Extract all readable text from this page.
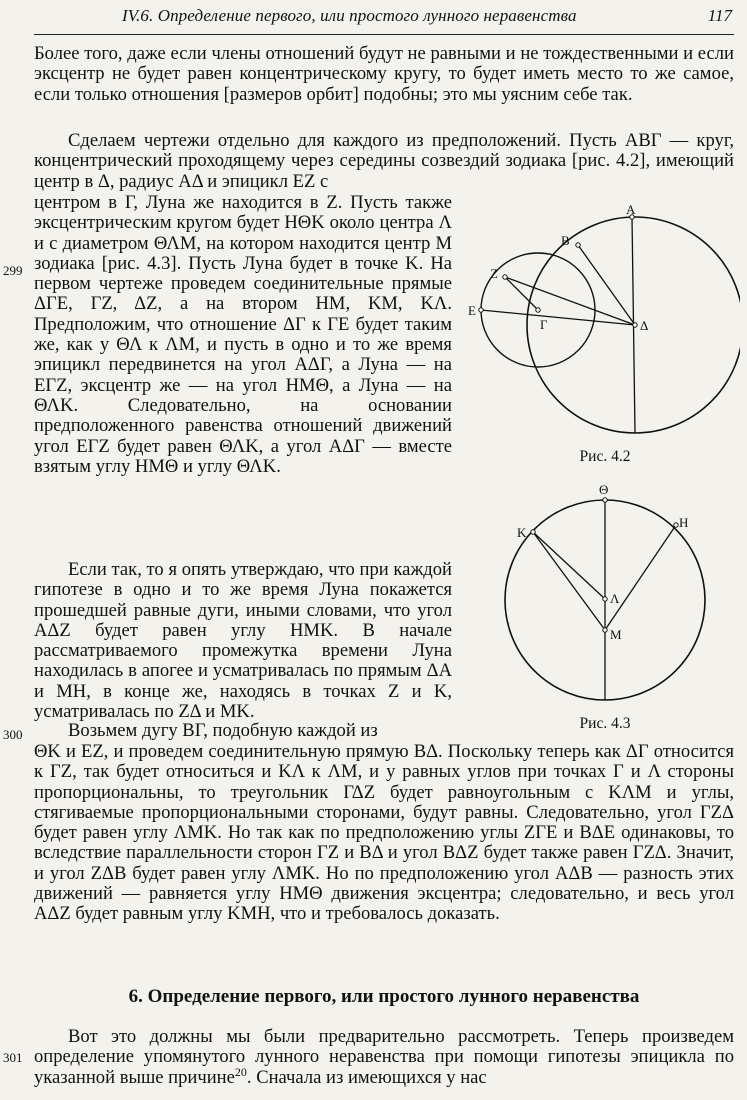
IV.6. Определение первого, или простого лунного неравенства	117

Более того, даже если члены отношений будут не равными и не тождественными и если эксцентр не будет равен концентрическому кругу, то будет иметь место то же самое, если только отношения [размеров орбит] подобны; это мы уясним себе так.

Сделаем чертежи отдельно для каждого из предположений. Пусть ΑΒΓ — круг, концентрический проходящему через середины созвездий зодиака [рис. 4.2], имеющий центр в Δ, радиус ΑΔ и эпицикл ΕΖ с

центром в Γ, Луна же находится в Ζ. Пусть также эксцентрическим кругом будет ΗΘΚ около центра Λ и с диаметром ΘΛΜ, на котором находится центр Μ зодиака [рис. 4.3]. Пусть Луна будет в точке Κ. На первом чертеже проведем соединительные прямые ΔΓΕ, ΓΖ, ΔΖ, а на втором ΗΜ, ΚΜ, ΚΛ. Предположим, что отношение ΔΓ к ΓΕ будет таким же, как у ΘΛ к ΛΜ, и пусть в одно и то же время эпицикл передвинется на угол ΑΔΓ, а Луна — на ΕΓΖ, эксцентр же — на угол ΗΜΘ, а Луна — на ΘΛΚ. Следовательно, на основании предположенного равенства отношений движений угол ΕΓΖ будет равен ΘΛΚ, а угол ΑΔΓ — вместе взятым углу ΗΜΘ и углу ΘΛΚ.

Если так, то я опять утверждаю, что при каждой гипотезе в одно и то же время Луна покажется прошедшей равные дуги, иными словами, что угол ΑΔΖ будет равен углу ΗΜΚ. В начале рассматриваемого промежутка времени Луна находилась в апогее и усматривалась по прямым ΔΑ и ΜΗ, в конце же, находясь в точках Ζ и Κ, усматривалась по ΖΔ и ΜΚ.

Возьмем дугу ΒΓ, подобную каждой из

ΘΚ и ΕΖ, и проведем соединительную прямую ΒΔ. Поскольку теперь как ΔΓ относится к ΓΖ, так будет относиться и ΚΛ к ΛΜ, и у равных углов при точках Γ и Λ стороны пропорциональны, то треугольник ΓΔΖ будет равноугольным с ΚΛΜ и углы, стягиваемые пропорциональными сторонами, будут равны. Следовательно, угол ΓΖΔ будет равен углу ΛΜΚ. Но так как по предположению углы ΖΓΕ и ΒΔΕ одинаковы, то вследствие параллельности сторон ΓΖ и ΒΔ и угол ΒΔΖ будет также равен ΓΖΔ. Значит, и угол ΖΔΒ будет равен углу ΛΜΚ. Но по предположению угол ΑΔΒ — разность этих движений — равняется углу ΗΜΘ движения эксцентра; следовательно, и весь угол ΑΔΖ будет равным углу ΚΜΗ, что и требовалось доказать.

6. Определение первого, или простого лунного неравенства

Вот это должны мы были предварительно рассмотреть. Теперь произведем определение упомянутого лунного неравенства при помощи гипотезы эпицикла по указанной выше причине$^{20}$. Сначала из имеющихся у нас

299
300
301
Α
Β
Ζ
Ε
Γ	Δ
Рис. 4.2
Θ
Κ
Η
Λ
Μ
Рис. 4.3
